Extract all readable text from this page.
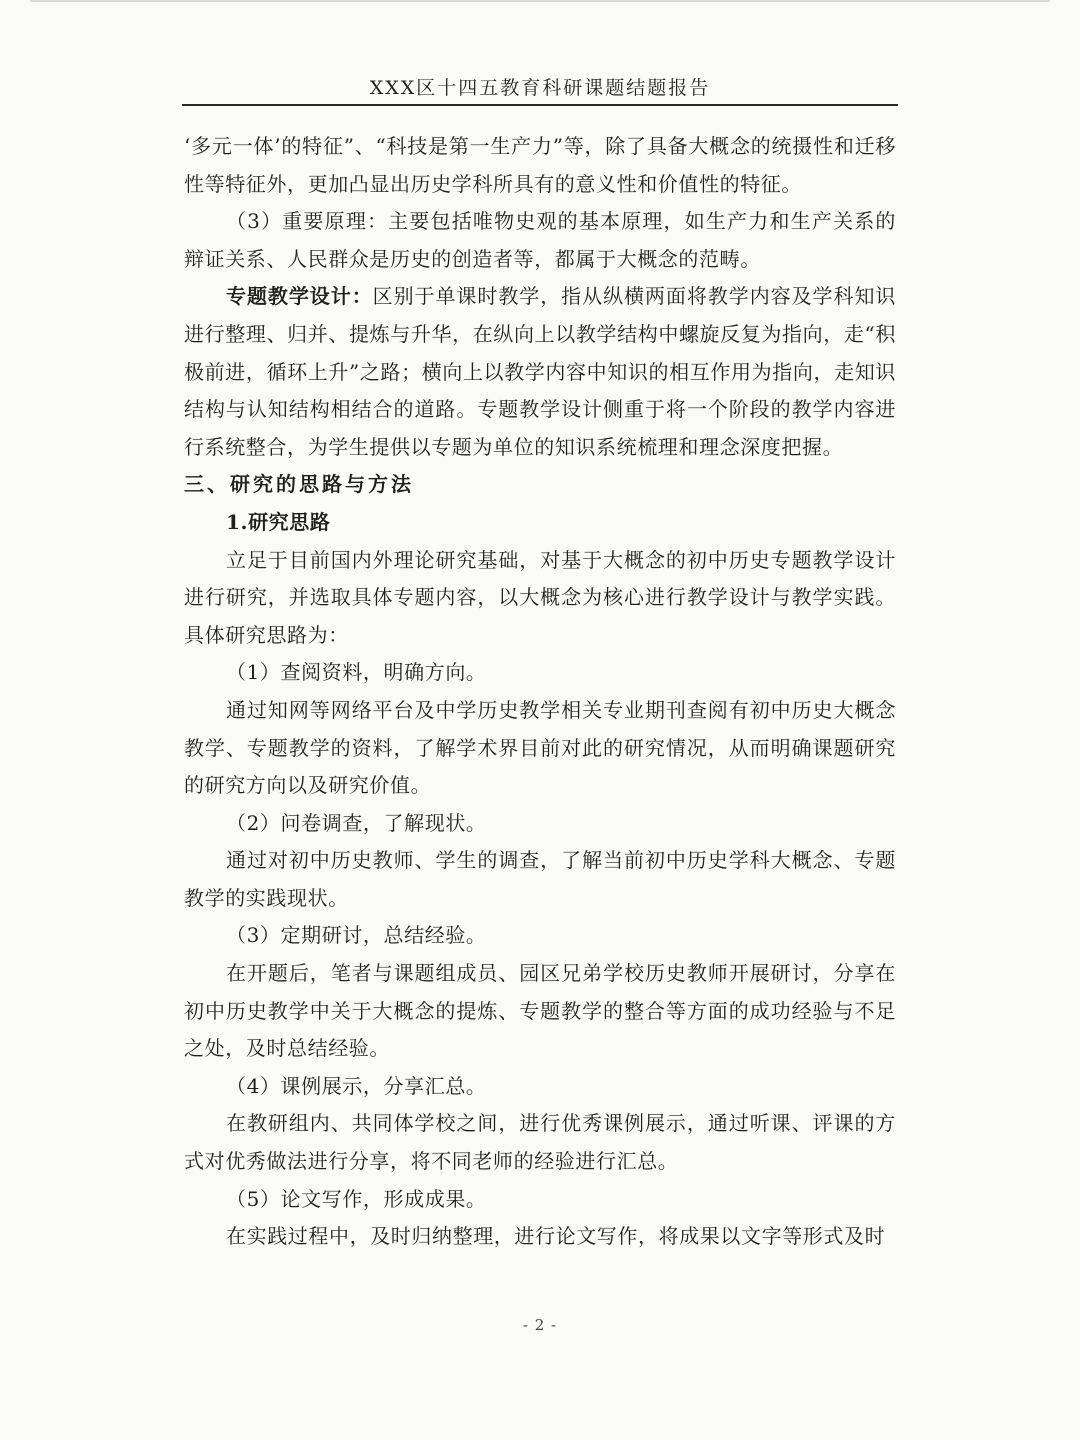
XXX区十四五教育科研课题结题报告

‘多元一体’的特征”、“科技是第一生产力”等，除了具备大概念的统摄性和迁移性等特征外，更加凸显出历史学科所具有的意义性和价值性的特征。

（3）重要原理：主要包括唯物史观的基本原理，如生产力和生产关系的辩证关系、人民群众是历史的创造者等，都属于大概念的范畴。

专题教学设计：区别于单课时教学，指从纵横两面将教学内容及学科知识进行整理、归并、提炼与升华，在纵向上以教学结构中螺旋反复为指向，走“积极前进，循环上升”之路；横向上以教学内容中知识的相互作用为指向，走知识结构与认知结构相结合的道路。专题教学设计侧重于将一个阶段的教学内容进行系统整合，为学生提供以专题为单位的知识系统梳理和理念深度把握。

三、研究的思路与方法

1.研究思路

立足于目前国内外理论研究基础，对基于大概念的初中历史专题教学设计进行研究，并选取具体专题内容，以大概念为核心进行教学设计与教学实践。具体研究思路为：

（1）查阅资料，明确方向。

通过知网等网络平台及中学历史教学相关专业期刊查阅有初中历史大概念教学、专题教学的资料，了解学术界目前对此的研究情况，从而明确课题研究的研究方向以及研究价值。

（2）问卷调查，了解现状。

通过对初中历史教师、学生的调查，了解当前初中历史学科大概念、专题教学的实践现状。

（3）定期研讨，总结经验。

在开题后，笔者与课题组成员、园区兄弟学校历史教师开展研讨，分享在初中历史教学中关于大概念的提炼、专题教学的整合等方面的成功经验与不足之处，及时总结经验。

（4）课例展示，分享汇总。

在教研组内、共同体学校之间，进行优秀课例展示，通过听课、评课的方式对优秀做法进行分享，将不同老师的经验进行汇总。

（5）论文写作，形成成果。

在实践过程中，及时归纳整理，进行论文写作，将成果以文字等形式及时

- 2 -
